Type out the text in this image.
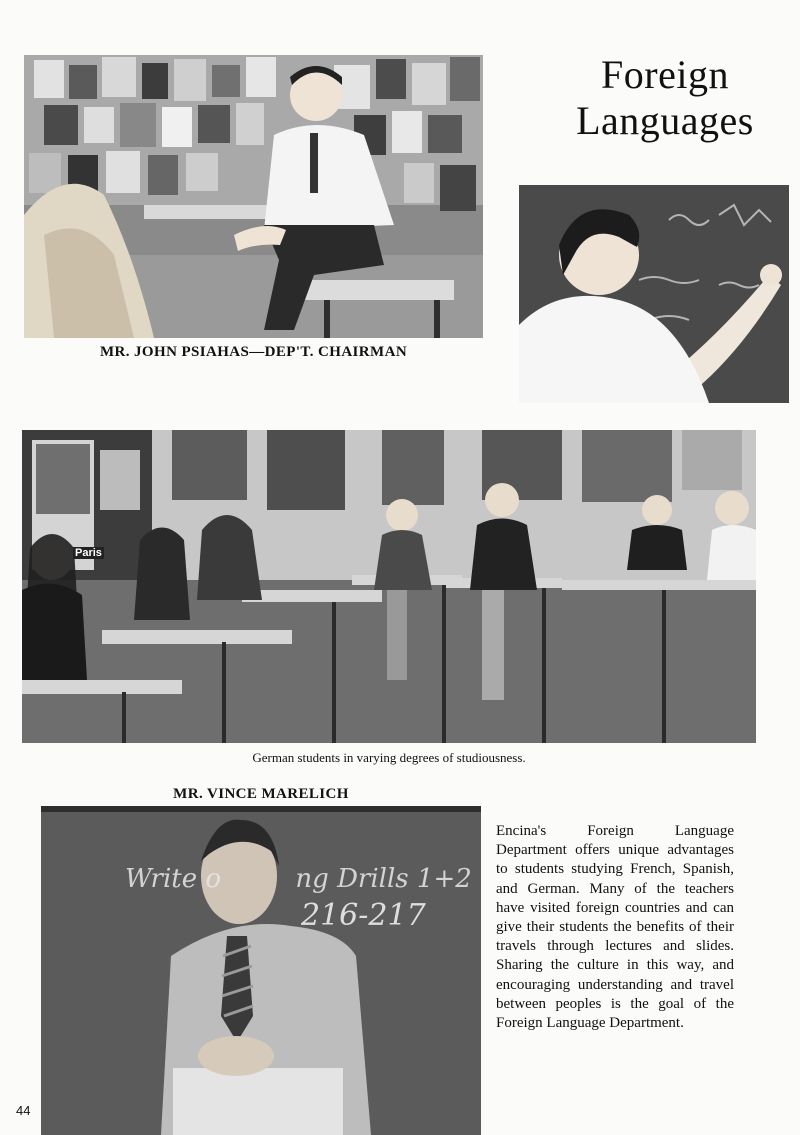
Foreign
Languages
MR. JOHN PSIAHAS—DEP'T. CHAIRMAN
Paris
German students in varying degrees of studiousness.
MR. VINCE MARELICH
Write o         ng Drills 1+2
216-217
Encina's Foreign Language Department offers unique advantages to students studying French, Spanish, and German. Many of the teachers have visited foreign countries and can give their students the benefits of their travels through lectures and slides. Sharing the culture in this way, and encouraging understanding and travel between peoples is the goal of the Foreign Language Department.
44
